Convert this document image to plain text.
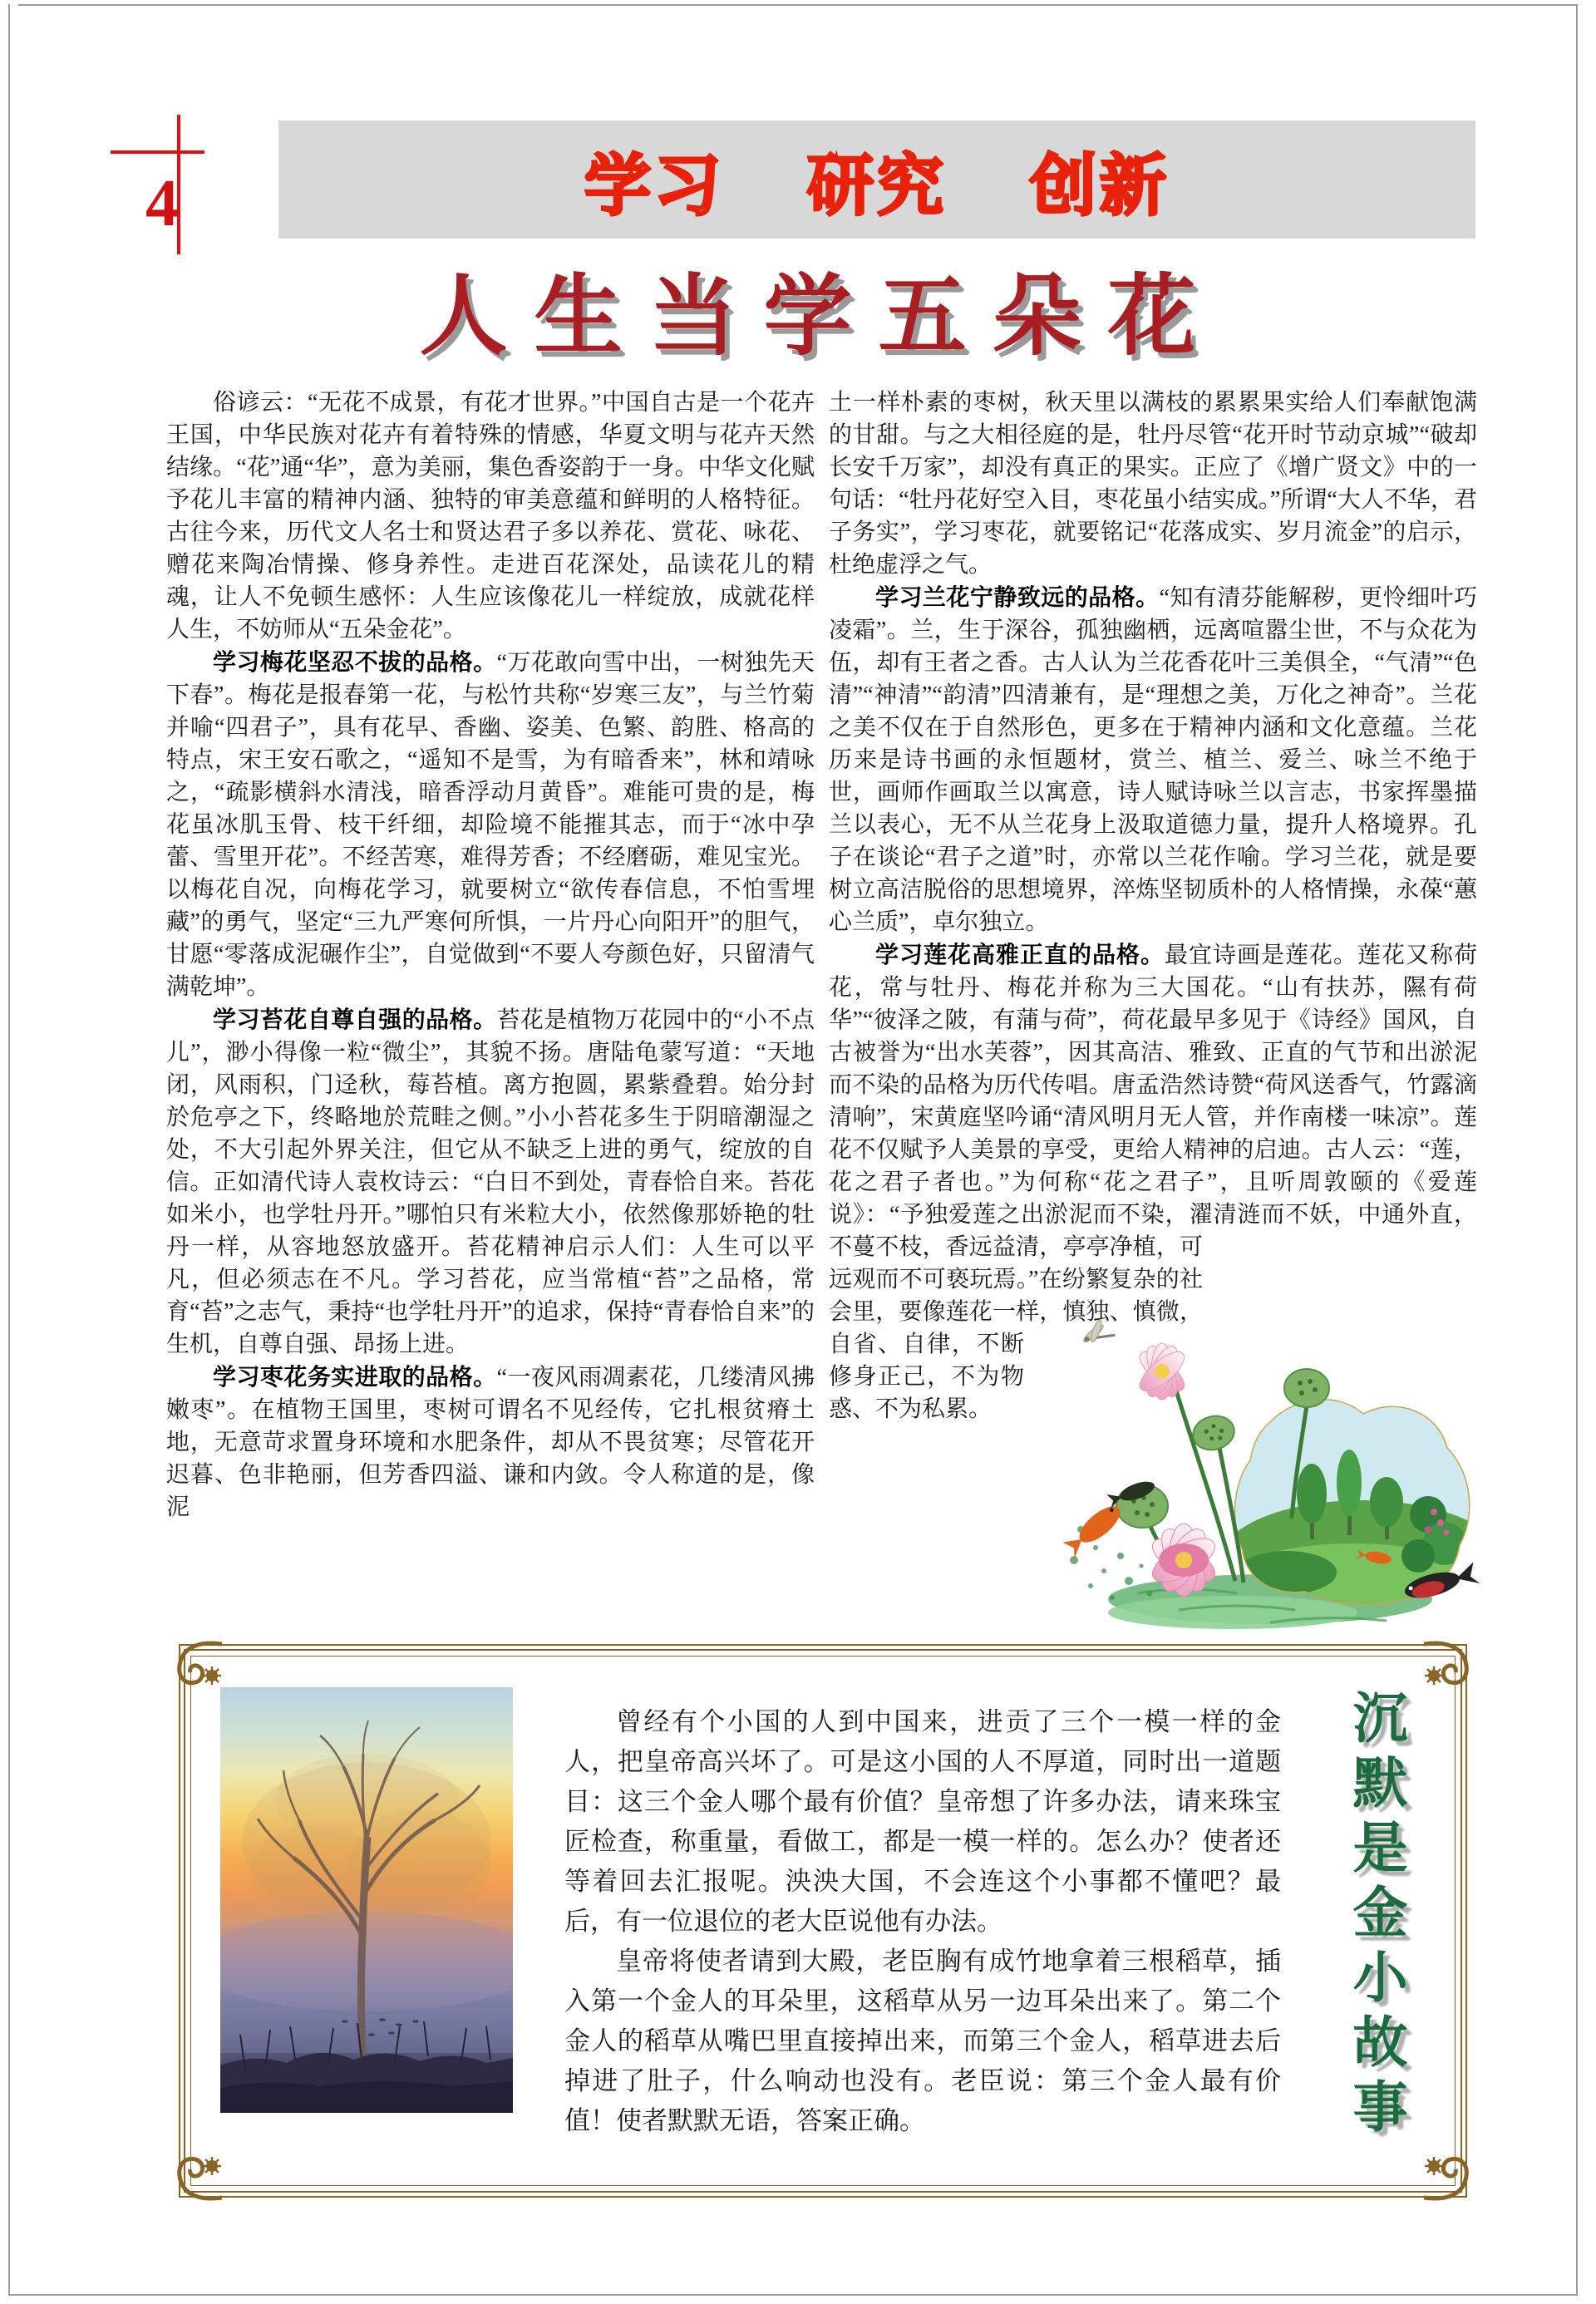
4	学习 研究 创新
人生当学五朵花

俗谚云：“无花不成景，有花才世界。”中国自古是一个花卉王国，中华民族对花卉有着特殊的情感，华夏文明与花卉天然结缘。“花”通“华”，意为美丽，集色香姿韵于一身。中华文化赋予花儿丰富的精神内涵、独特的审美意蕴和鲜明的人格特征。古往今来，历代文人名士和贤达君子多以养花、赏花、咏花、赠花来陶冶情操、修身养性。走进百花深处，品读花儿的精魂，让人不免顿生感怀：人生应该像花儿一样绽放，成就花样人生，不妨师从“五朵金花”。

学习梅花坚忍不拔的品格。“万花敢向雪中出，一树独先天下春”。梅花是报春第一花，与松竹共称“岁寒三友”，与兰竹菊并喻“四君子”，具有花早、香幽、姿美、色繁、韵胜、格高的特点，宋王安石歌之，“遥知不是雪，为有暗香来”，林和靖咏之，“疏影横斜水清浅，暗香浮动月黄昏”。难能可贵的是，梅花虽冰肌玉骨、枝干纤细，却险境不能摧其志，而于“冰中孕蕾、雪里开花”。不经苦寒，难得芳香；不经磨砺，难见宝光。以梅花自况，向梅花学习，就要树立“欲传春信息，不怕雪埋藏”的勇气，坚定“三九严寒何所惧，一片丹心向阳开”的胆气，甘愿“零落成泥碾作尘”，自觉做到“不要人夸颜色好，只留清气满乾坤”。

学习苔花自尊自强的品格。苔花是植物万花园中的“小不点儿”，渺小得像一粒“微尘”，其貌不扬。唐陆龟蒙写道：“天地闭，风雨积，门迳秋，莓苔植。离方抱圆，累紫叠碧。始分封於危亭之下，终略地於荒畦之侧。”小小苔花多生于阴暗潮湿之处，不大引起外界关注，但它从不缺乏上进的勇气，绽放的自信。正如清代诗人袁枚诗云：“白日不到处，青春恰自来。苔花如米小，也学牡丹开。”哪怕只有米粒大小，依然像那娇艳的牡丹一样，从容地怒放盛开。苔花精神启示人们：人生可以平凡，但必须志在不凡。学习苔花，应当常植“苔”之品格，常育“苔”之志气，秉持“也学牡丹开”的追求，保持“青春恰自来”的生机，自尊自强、昂扬上进。

学习枣花务实进取的品格。“一夜风雨凋素花，几缕清风拂嫩枣”。在植物王国里，枣树可谓名不见经传，它扎根贫瘠土地，无意苛求置身环境和水肥条件，却从不畏贫寒；尽管花开迟暮、色非艳丽，但芳香四溢、谦和内敛。令人称道的是，像泥

土一样朴素的枣树，秋天里以满枝的累累果实给人们奉献饱满的甘甜。与之大相径庭的是，牡丹尽管“花开时节动京城”“破却长安千万家”，却没有真正的果实。正应了《增广贤文》中的一句话：“牡丹花好空入目，枣花虽小结实成。”所谓“大人不华，君子务实”，学习枣花，就要铭记“花落成实、岁月流金”的启示，杜绝虚浮之气。

学习兰花宁静致远的品格。“知有清芬能解秽，更怜细叶巧凌霜”。兰，生于深谷，孤独幽栖，远离喧嚣尘世，不与众花为伍，却有王者之香。古人认为兰花香花叶三美俱全，“气清”“色清”“神清”“韵清”四清兼有，是“理想之美，万化之神奇”。兰花之美不仅在于自然形色，更多在于精神内涵和文化意蕴。兰花历来是诗书画的永恒题材，赏兰、植兰、爱兰、咏兰不绝于世，画师作画取兰以寓意，诗人赋诗咏兰以言志，书家挥墨描兰以表心，无不从兰花身上汲取道德力量，提升人格境界。孔子在谈论“君子之道”时，亦常以兰花作喻。学习兰花，就是要树立高洁脱俗的思想境界，淬炼坚韧质朴的人格情操，永葆“蕙心兰质”，卓尔独立。

学习莲花高雅正直的品格。最宜诗画是莲花。莲花又称荷花，常与牡丹、梅花并称为三大国花。“山有扶苏，隰有荷华”“彼泽之陂，有蒲与荷”，荷花最早多见于《诗经》国风，自古被誉为“出水芙蓉”，因其高洁、雅致、正直的气节和出淤泥而不染的品格为历代传唱。唐孟浩然诗赞“荷风送香气，竹露滴清响”，宋黄庭坚吟诵“清风明月无人管，并作南楼一味凉”。莲花不仅赋予人美景的享受，更给人精神的启迪。古人云：“莲，花之君子者也。”为何称“花之君子”，且听周敦颐的《爱莲说》：“予独爱莲之出淤泥而不染，濯清涟而不妖，中通外直，
不蔓不枝，香远益清，亭亭净植，可远观而不可亵玩焉。”在纷繁复杂的社会里，要像莲花一样，慎独、慎微，自省、自律，不断修身正己，不为物惑、不为私累。

曾经有个小国的人到中国来，进贡了三个一模一样的金人，把皇帝高兴坏了。可是这小国的人不厚道，同时出一道题目：这三个金人哪个最有价值？皇帝想了许多办法，请来珠宝匠检查，称重量，看做工，都是一模一样的。怎么办？使者还等着回去汇报呢。泱泱大国，不会连这个小事都不懂吧？最后，有一位退位的老大臣说他有办法。

皇帝将使者请到大殿，老臣胸有成竹地拿着三根稻草，插入第一个金人的耳朵里，这稻草从另一边耳朵出来了。第二个金人的稻草从嘴巴里直接掉出来，而第三个金人，稻草进去后掉进了肚子，什么响动也没有。老臣说：第三个金人最有价值！使者默默无语，答案正确。	沉默是金小故事
